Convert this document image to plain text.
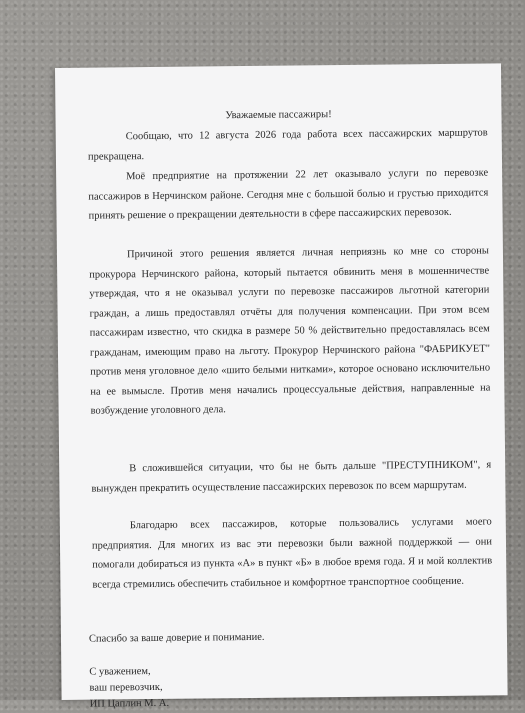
Уважаемые пассажиры!

Сообщаю, что 12 августа 2026 года работа всех пассажирских маршрутов прекращена.

Моё предприятие на протяжении 22 лет оказывало услуги по перевозке пассажиров в Нерчинском районе. Сегодня мне с большой болью и грустью приходится принять решение о прекращении деятельности в сфере пассажирских перевозок.

Причиной этого решения является личная неприязнь ко мне со стороны прокурора Нерчинского района, который пытается обвинить меня в мошенничестве утверждая, что я не оказывал услуги по перевозке пассажиров льготной категории граждан, а лишь предоставлял отчёты для получения компенсации. При этом всем пассажирам известно, что скидка в размере 50 % действительно предоставлялась всем гражданам, имеющим право на льготу. Прокурор Нерчинского района "ФАБРИКУЕТ" против меня уголовное дело «шито белыми нитками», которое основано исключительно на ее вымысле. Против меня начались процессуальные действия, направленные на возбуждение уголовного дела.

В сложившейся ситуации, что бы не быть дальше "ПРЕСТУПНИКОМ", я вынужден прекратить осуществление пассажирских перевозок по всем маршрутам.

Благодарю всех пассажиров, которые пользовались услугами моего предприятия. Для многих из вас эти перевозки были важной поддержкой — они помогали добираться из пункта «А» в пункт «Б» в любое время года. Я и мой коллектив всегда стремились обеспечить стабильное и комфортное транспортное сообщение.

Спасибо за ваше доверие и понимание.

С уважением,
ваш перевозчик,
ИП Цаплин М. А.
